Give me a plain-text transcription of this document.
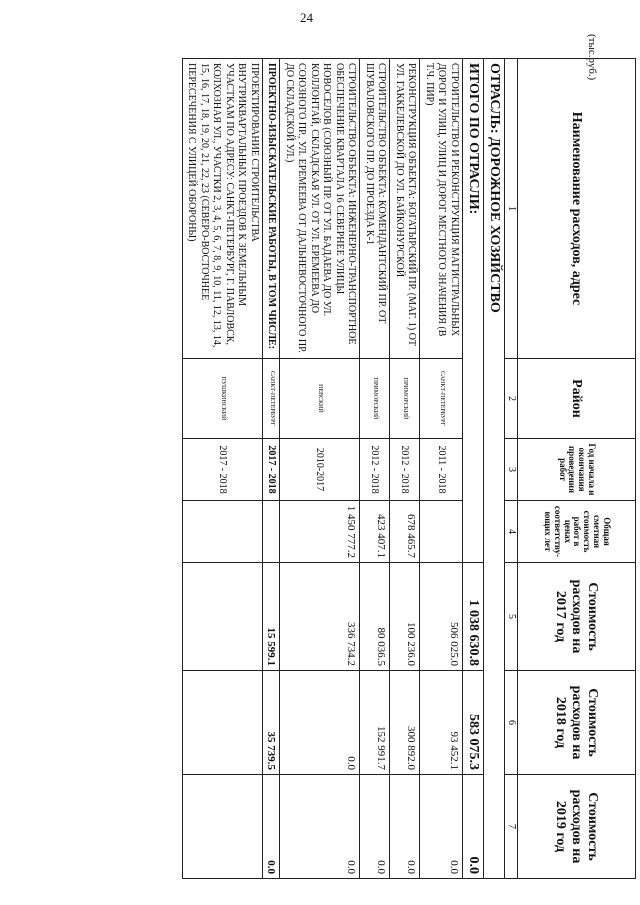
24
(тыс.руб.)
Наименование расходов, адрес	Район	Год начала и окончания проведения работ	Общая сметная стоимость работ в ценах соответству-ющих лет	Стоимость расходов на 2017 год	Стоимость расходов на 2018 год	Стоимость расходов на 2019 год
1	2	3	4	5	6	7
ОТРАСЛЬ: ДОРОЖНОЕ ХОЗЯЙСТВО						
ИТОГО ПО ОТРАСЛИ:				1 038 630.8	583 075.3	0.0
СТРОИТЕЛЬСТВО И РЕКОНСТРУКЦИЯ МАГИСТРАЛЬНЫХ ДОРОГ И УЛИЦ, УЛИЦ И ДОРОГ МЕСТНОГО ЗНАЧЕНИЯ (В Т.Ч. ПИР)	САНКТ-ПЕТЕРБУРГ	2011 - 2018		506 025.0	93 452.1	0.0
РЕКОНСТРУКЦИЯ ОБЪЕКТА: БОГАТЫРСКИЙ ПР. (МАГ. 1) ОТ УЛ. ГАККЕЛЕВСКОЙ ДО УЛ. БАЙКОНУРСКОЙ	ПРИМОРСКИЙ	2012 - 2018	678 465.7	100 236.0	300 892.0	0.0
СТРОИТЕЛЬСТВО ОБЪЕКТА: КОМЕНДАНТСКИЙ ПР. ОТ ШУВАЛОВСКОГО ПР. ДО ПРОЕЗДА К-1	ПРИМОРСКИЙ	2012 - 2018	423 407.1	80 036.5	152 991.7	0.0
СТРОИТЕЛЬСТВО ОБЪЕКТА: ИНЖЕНЕРНО-ТРАНСПОРТНОЕ ОБЕСПЕЧЕНИЕ КВАРТАЛА 16 СЕВЕРНЕЕ УЛИЦЫ НОВОСЕЛОВ (СОЮЗНЫЙ ПР. ОТ УЛ. БАДАЕВА ДО УЛ. КОЛЛОНТАЙ, СКЛАДСКАЯ УЛ. ОТ УЛ. ЕРЕМЕЕВА ДО СОЮЗНОГО ПР., УЛ. ЕРЕМЕЕВА ОТ ДАЛЬНЕВОСТОЧНОГО ПР. ДО СКЛАДСКОЙ УЛ.)	НЕВСКИЙ	2010-2017	1 450 777.2	336 734.2	0.0	0.0
ПРОЕКТНО-ИЗЫСКАТЕЛЬСКИЕ РАБОТЫ, В ТОМ ЧИСЛЕ:	САНКТ-ПЕТЕРБУРГ	2017 - 2018		15 599.1	35 739.5	0.0
ПРОЕКТИРОВАНИЕ СТРОИТЕЛЬСТВА ВНУТРИКВАРТАЛЬНЫХ ПРОЕЗДОВ К ЗЕМЕЛЬНЫМ УЧАСТКАМ ПО АДРЕСУ: САНКТ-ПЕТЕРБУРГ, Г. ПАВЛОВСК, КОЛХОЗНАЯ УЛ., УЧАСТКИ 2, 3, 4, 5, 6, 7, 8, 9, 10, 11, 12, 13, 14, 15, 16, 17, 18, 19, 20, 21, 22, 23 (СЕВЕРО-ВОСТОЧНЕЕ ПЕРЕСЕЧЕНИЯ С УЛИЦЕЙ ОБОРОНЫ)	ПУШКИНСКИЙ	2017 - 2018				
